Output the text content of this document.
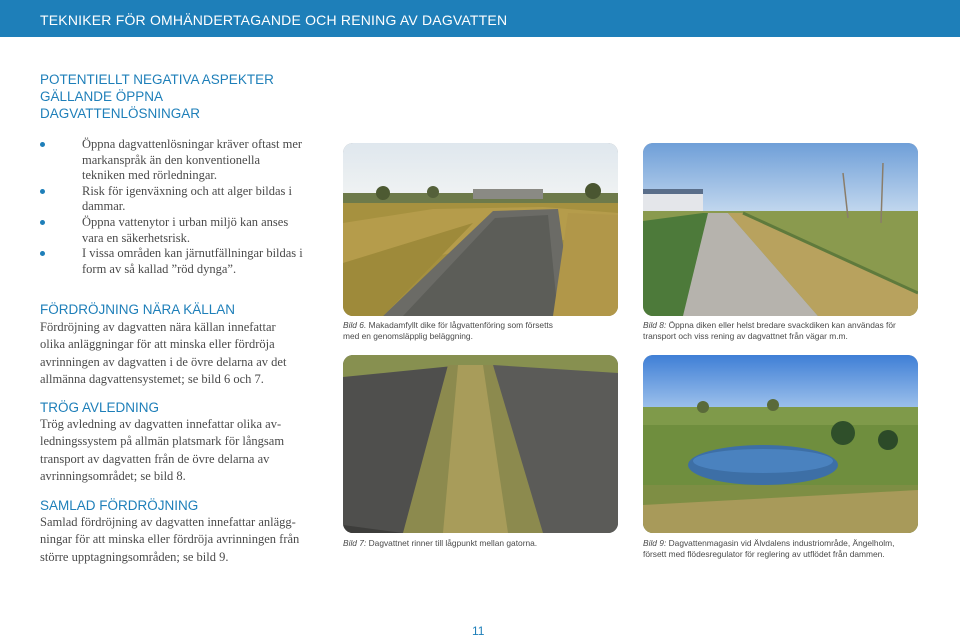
TEKNIKER FÖR OMHÄNDERTAGANDE OCH RENING AV DAGVATTEN
POTENTIELLT NEGATIVA ASPEKTER
GÄLLANDE ÖPPNA
DAGVATTENLÖSNINGAR
Öppna dagvattenlösningar kräver oftast mer
markanspråk än den konventionella
tekniken med rörledningar.
Risk för igenväxning och att alger bildas i
dammar.
Öppna vattenytor i urban miljö kan anses
vara en säkerhetsrisk.
I vissa områden kan järnutfällningar bildas i
form av så kallad ”röd dynga”.
FÖRDRÖJNING NÄRA KÄLLAN
Fördröjning av dagvatten nära källan innefattar
olika anläggningar för att minska eller fördröja
avrinningen av dagvatten i de övre delarna av det
allmänna dagvattensystemet; se bild 6 och 7.
TRÖG AVLEDNING
Trög avledning av dagvatten innefattar olika av-
ledningssystem på allmän platsmark för långsam
transport av dagvatten från de övre delarna av
avrinningsområdet; se bild 8.
SAMLAD FÖRDRÖJNING
Samlad fördröjning av dagvatten innefattar anlägg-
ningar för att minska eller fördröja avrinningen från
större upptagningsområden; se bild 9.
Bild 6. Makadamfyllt dike för lågvattenföring som försetts
med en genomsläpplig beläggning.
Bild 8: Öppna diken eller helst bredare svackdiken kan användas för
transport och viss rening av dagvattnet från vägar m.m.
Bild 7: Dagvattnet rinner till lågpunkt mellan gatorna.	Bild 9: Dagvattenmagasin vid Älvdalens industriområde, Ängelholm,
försett med flödesregulator för reglering av utflödet från dammen.
11
